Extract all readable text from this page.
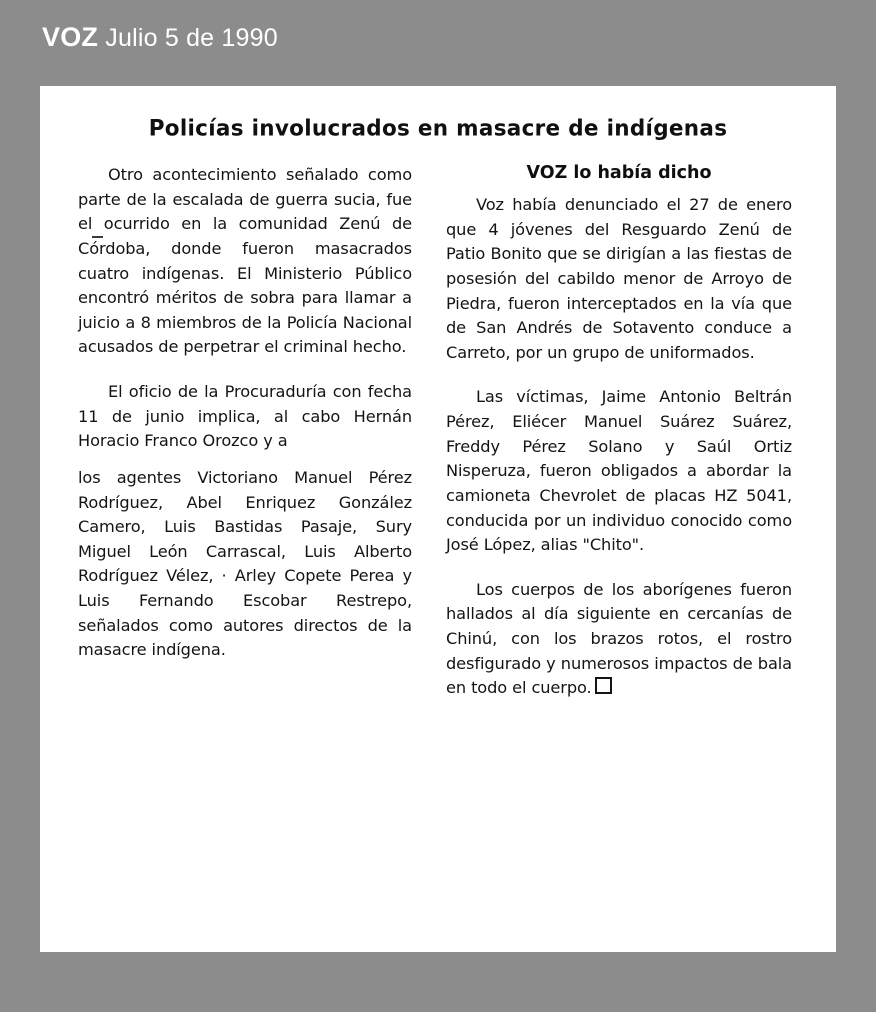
VOZ Julio 5 de 1990
Policías involucrados en masacre de indígenas

Otro acontecimiento señalado como parte de la escalada de guerra sucia, fue el ocurrido en la comunidad Zenú de Córdoba, donde fueron masacrados cuatro indígenas. El Ministerio Público encontró méritos de sobra para llamar a juicio a 8 miembros de la Policía Nacional acusados de perpetrar el criminal hecho.

El oficio de la Procuraduría con fecha 11 de junio implica, al cabo Hernán Horacio Franco Orozco y a

los agentes Victoriano Manuel Pérez Rodríguez, Abel Enriquez González Camero, Luis Bastidas Pasaje, Sury Miguel León Carrascal, Luis Alberto Rodríguez Vélez, · Arley Copete Perea y Luis Fernando Escobar Restrepo, señalados como autores directos de la masacre indígena.

VOZ lo había dicho

Voz había denunciado el 27 de enero que 4 jóvenes del Resguardo Zenú de Patio Bonito que se dirigían a las fiestas de posesión del cabildo menor de Arroyo de Piedra, fueron interceptados en la vía que de San Andrés de Sotavento conduce a Carreto, por un grupo de uniformados.

Las víctimas, Jaime Antonio Beltrán Pérez, Eliécer Manuel Suárez Suárez, Freddy Pérez Solano y Saúl Ortiz Nisperuza, fueron obligados a abordar la camioneta Chevrolet de placas HZ 5041, conducida por un individuo conocido como José López, alias "Chito".

Los cuerpos de los aborígenes fueron hallados al día siguiente en cercanías de Chinú, con los brazos rotos, el rostro desfigurado y numerosos impactos de bala en todo el cuerpo.
